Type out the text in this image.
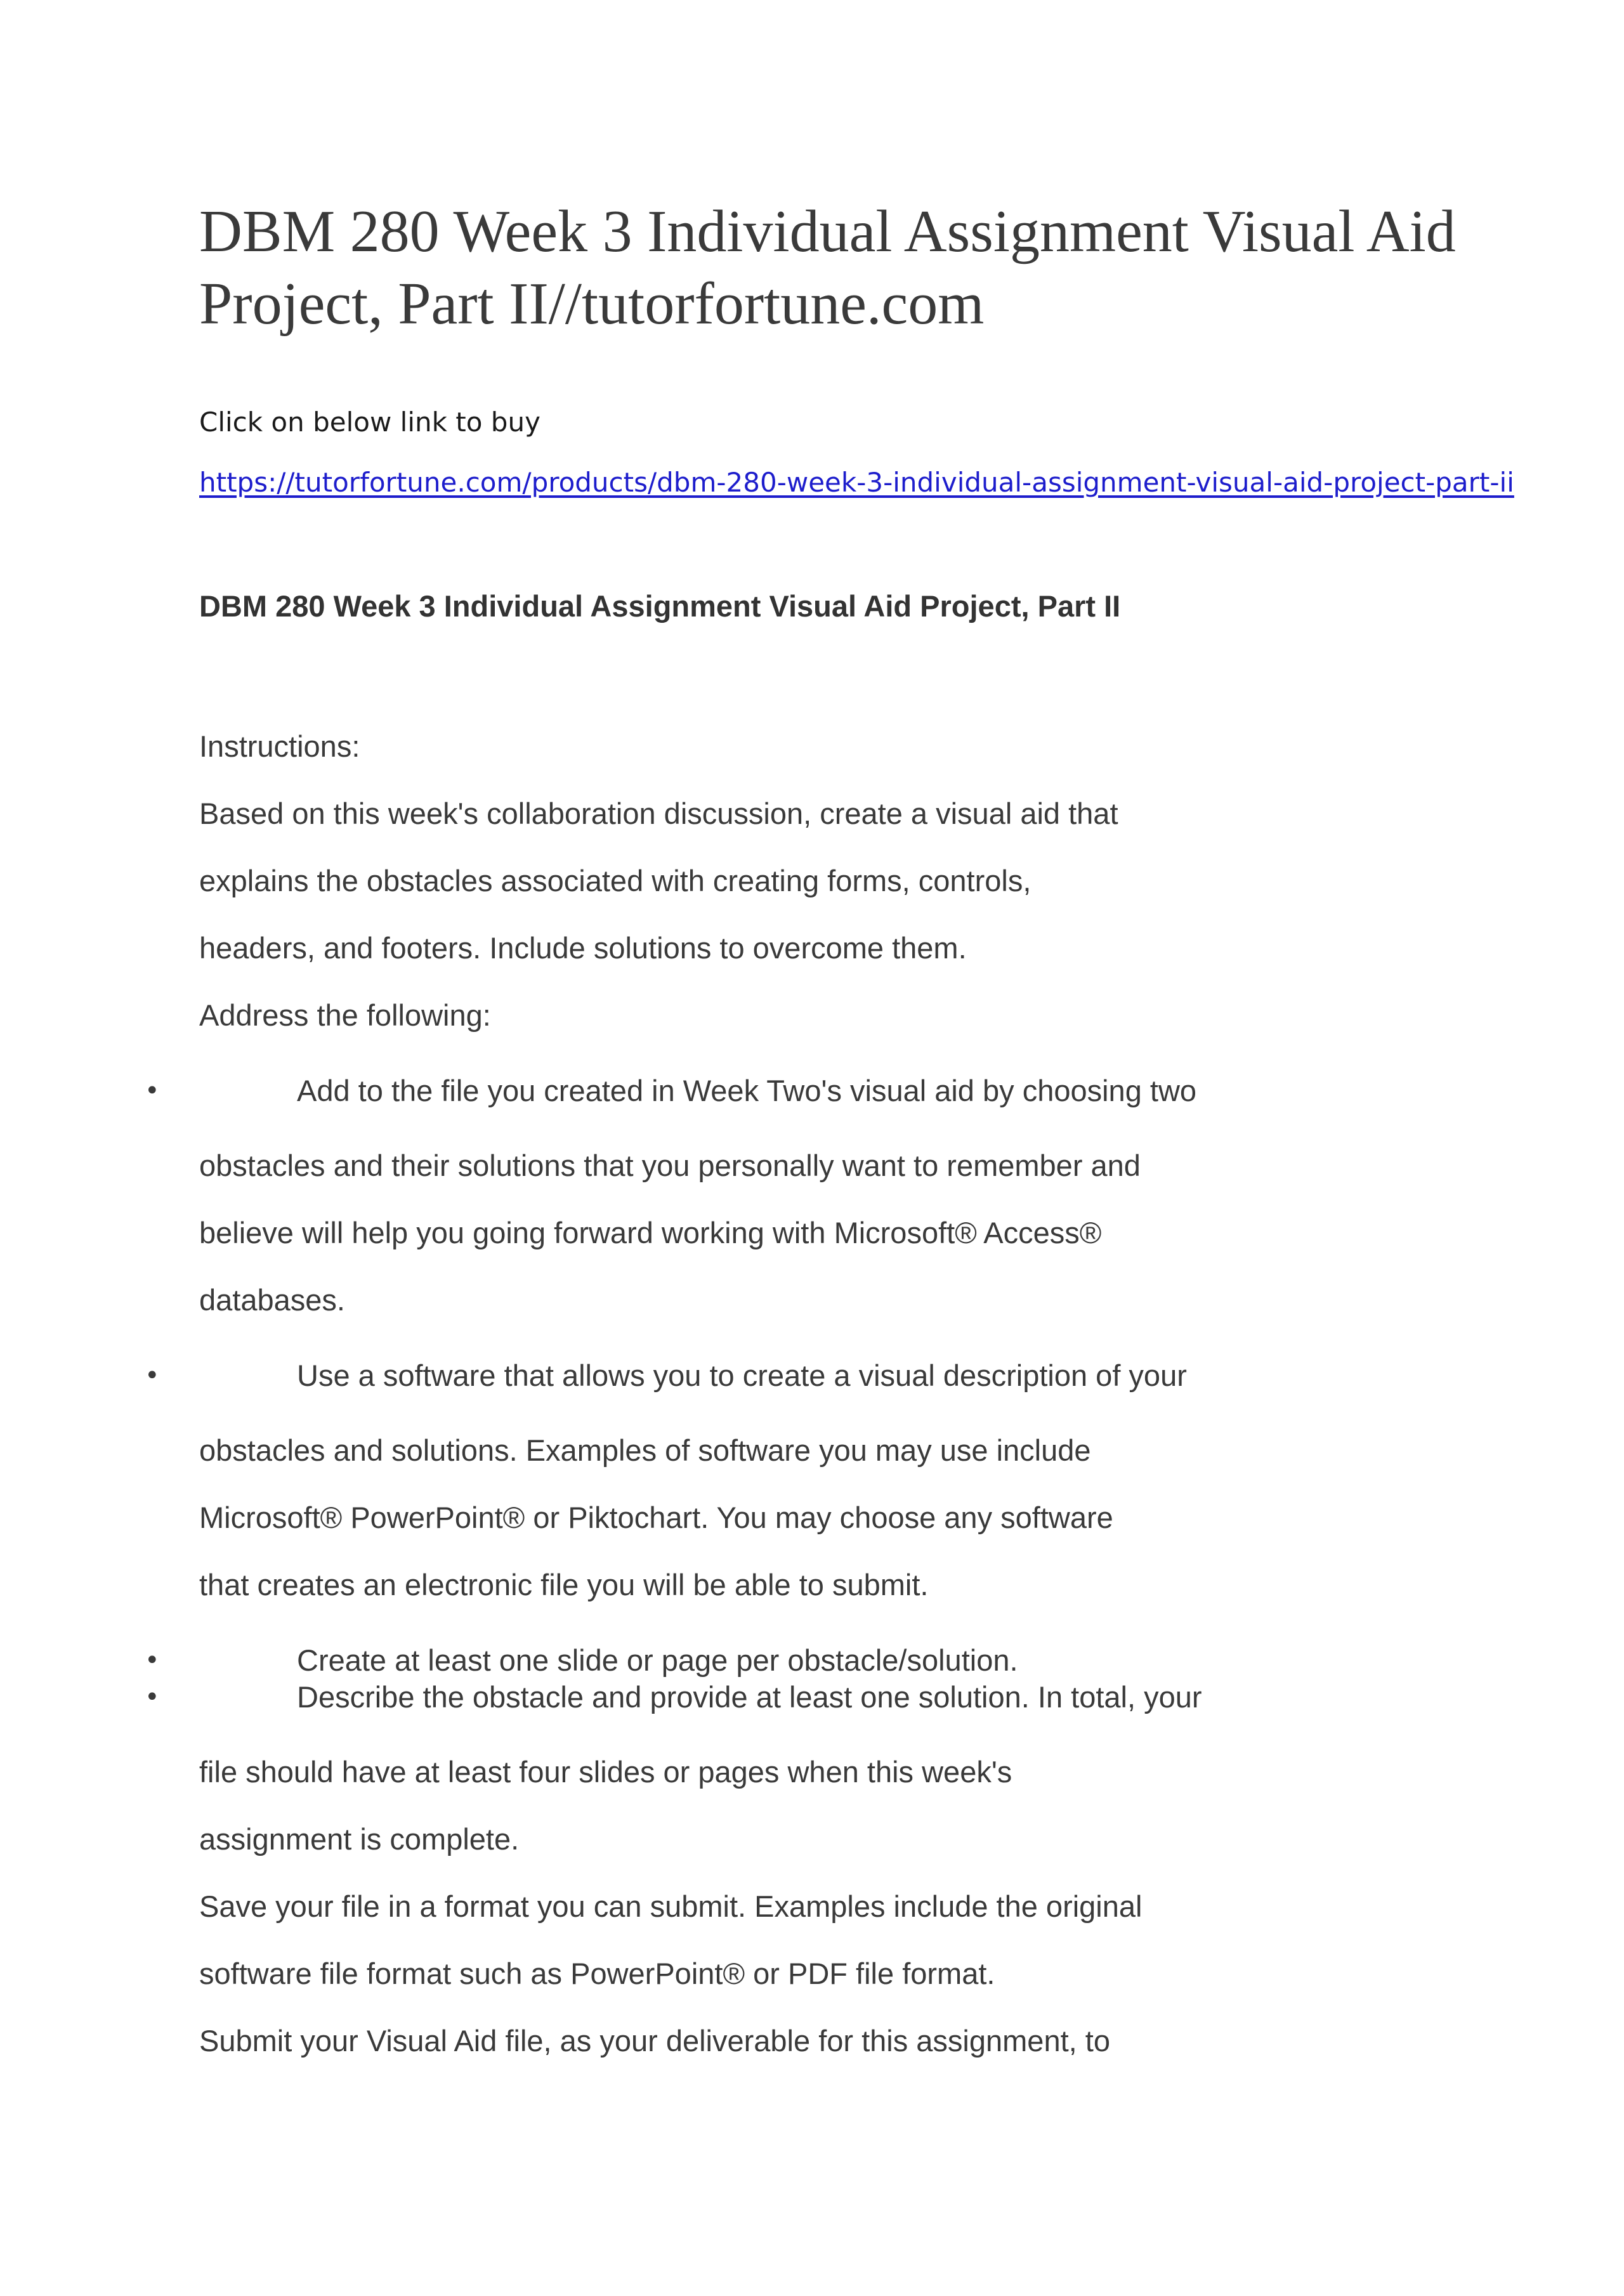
DBM 280 Week 3 Individual Assignment Visual Aid Project, Part II//tutorfortune.com

Click on below link to buy

https://tutorfortune.com/products/dbm-280-week-3-individual-assignment-visual-aid-project-part-ii

DBM 280 Week 3 Individual Assignment Visual Aid Project, Part II

Instructions:

Based on this week's collaboration discussion, create a visual aid that

explains the obstacles associated with creating forms, controls,

headers, and footers. Include solutions to overcome them.

Address the following:

•	Add to the file you created in Week Two's visual aid by choosing two

obstacles and their solutions that you personally want to remember and

believe will help you going forward working with Microsoft® Access®

databases.

•	Use a software that allows you to create a visual description of your

obstacles and solutions. Examples of software you may use include

Microsoft® PowerPoint® or Piktochart. You may choose any software

that creates an electronic file you will be able to submit.

•	Create at least one slide or page per obstacle/solution.

•	Describe the obstacle and provide at least one solution. In total, your

file should have at least four slides or pages when this week's

assignment is complete.

Save your file in a format you can submit. Examples include the original

software file format such as PowerPoint® or PDF file format.

Submit your Visual Aid file, as your deliverable for this assignment, to
